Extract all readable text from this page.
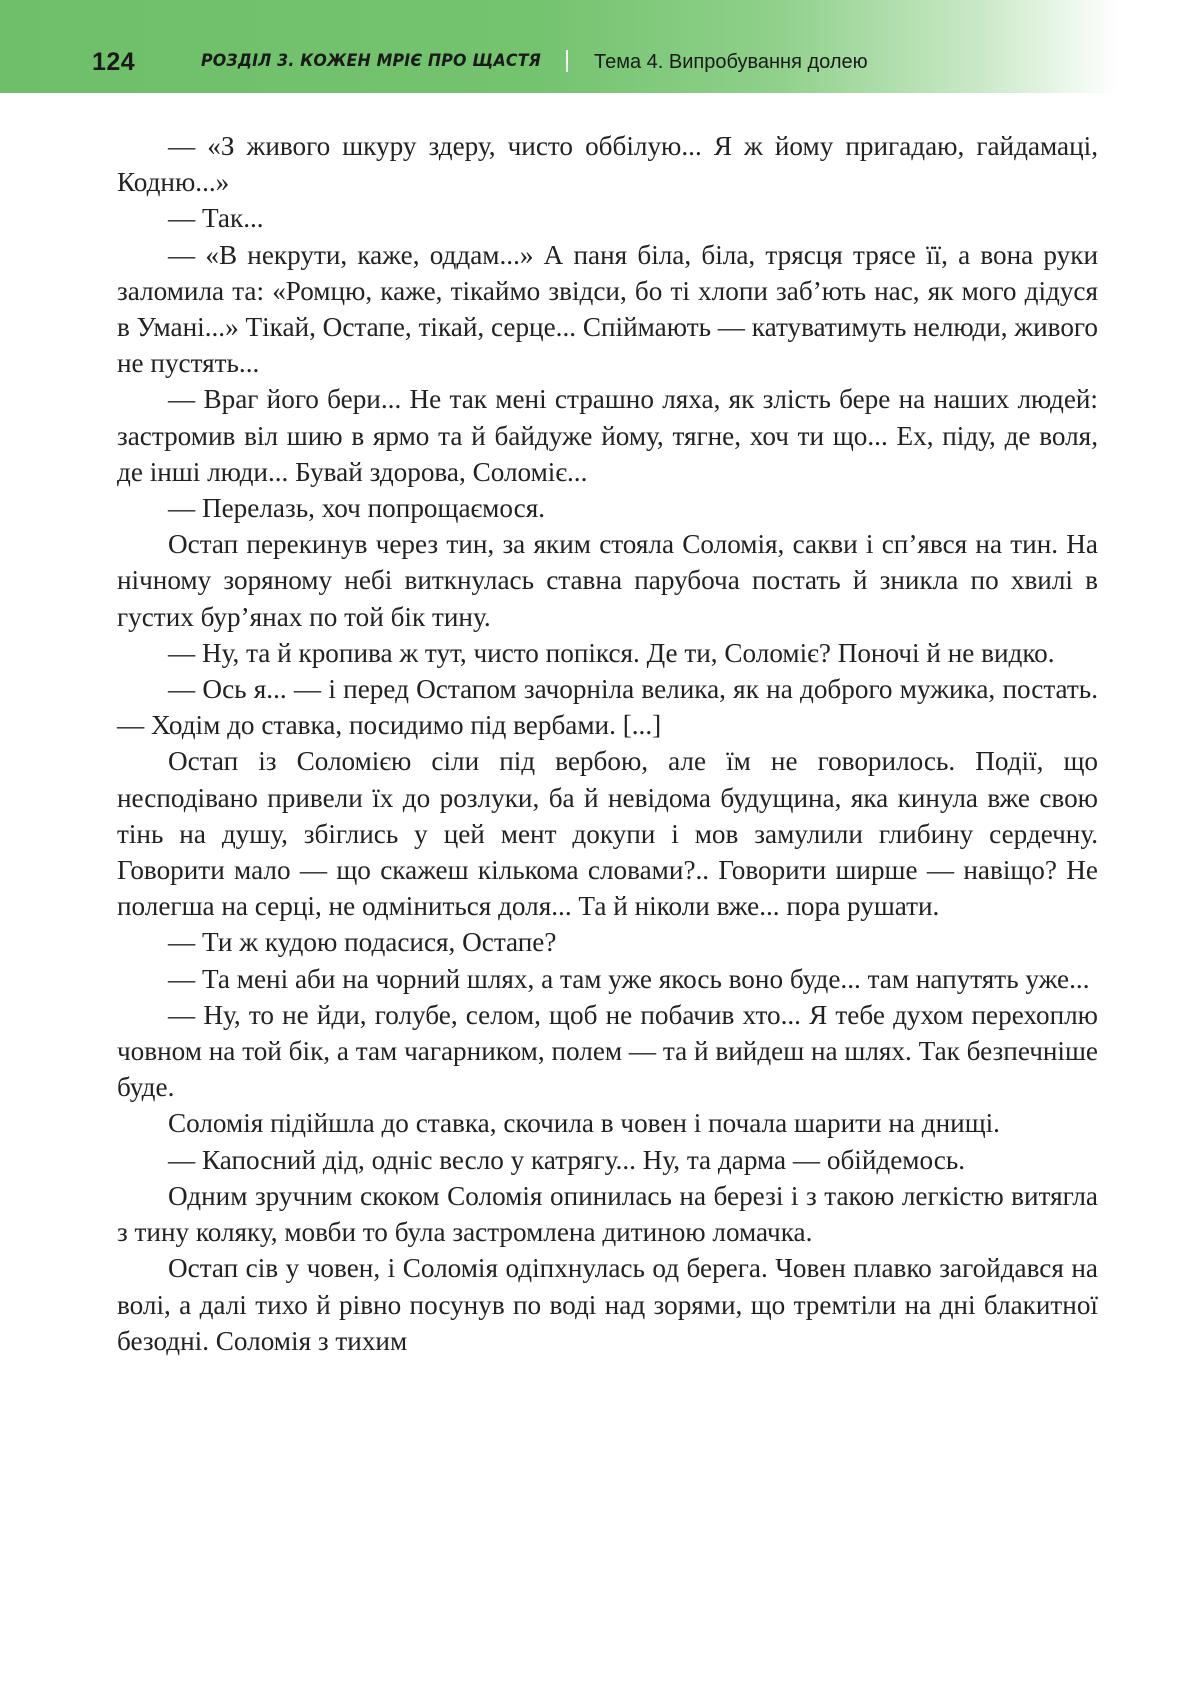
124	РОЗДІЛ 3. КОЖЕН МРІЄ ПРО ЩАСТЯ	Тема 4. Випробування долею

— «З живого шкуру здеру, чисто оббілую... Я ж йому пригадаю, гайдамаці, Кодню...»

— Так...

— «В некрути, каже, оддам...» А паня біла, біла, трясця трясе її, а вона руки заломила та: «Ромцю, каже, тікаймо звідси, бо ті хлопи заб’ють нас, як мого дідуся в Умані...» Тікай, Остапе, тікай, серце... Спіймають — катуватимуть нелюди, живого не пустять...

— Враг його бери... Не так мені страшно ляха, як злість бере на наших людей: застромив віл шию в ярмо та й байдуже йому, тягне, хоч ти що... Ех, піду, де воля, де інші люди... Бувай здорова, Соломіє...

— Перелазь, хоч попрощаємося.

Остап перекинув через тин, за яким стояла Соломія, сакви і сп’явся на тин. На нічному зоряному небі виткнулась ставна парубоча постать й зникла по хвилі в густих бур’янах по той бік тину.

— Ну, та й кропива ж тут, чисто попікся. Де ти, Соломіє? Поночі й не видко.

— Ось я... — і перед Остапом зачорніла велика, як на доброго мужика, постать. — Ходім до ставка, посидимо під вербами. [...]

Остап із Соломією сіли під вербою, але їм не говорилось. Події, що несподівано привели їх до розлуки, ба й невідома будущина, яка кинула вже свою тінь на душу, збіглись у цей мент докупи і мов замулили глибину сердечну. Говорити мало — що скажеш кількома словами?.. Говорити ширше — навіщо? Не полегша на серці, не одміниться доля... Та й ніколи вже... пора рушати.

— Ти ж кудою подасися, Остапе?

— Та мені аби на чорний шлях, а там уже якось воно буде... там напутять уже...

— Ну, то не йди, голубе, селом, щоб не побачив хто... Я тебе духом перехоплю човном на той бік, а там чагарником, полем — та й вийдеш на шлях. Так безпечніше буде.

Соломія підійшла до ставка, скочила в човен і почала шарити на днищі.

— Капосний дід, одніс весло у катрягу... Ну, та дарма — обійдемось.

Одним зручним скоком Соломія опинилась на березі і з такою легкістю витягла з тину коляку, мовби то була застромлена дитиною ломачка.

Остап сів у човен, і Соломія одіпхнулась од берега. Човен плавко загойдався на волі, а далі тихо й рівно посунув по воді над зорями, що тремтіли на дні блакитної безодні. Соломія з тихим
